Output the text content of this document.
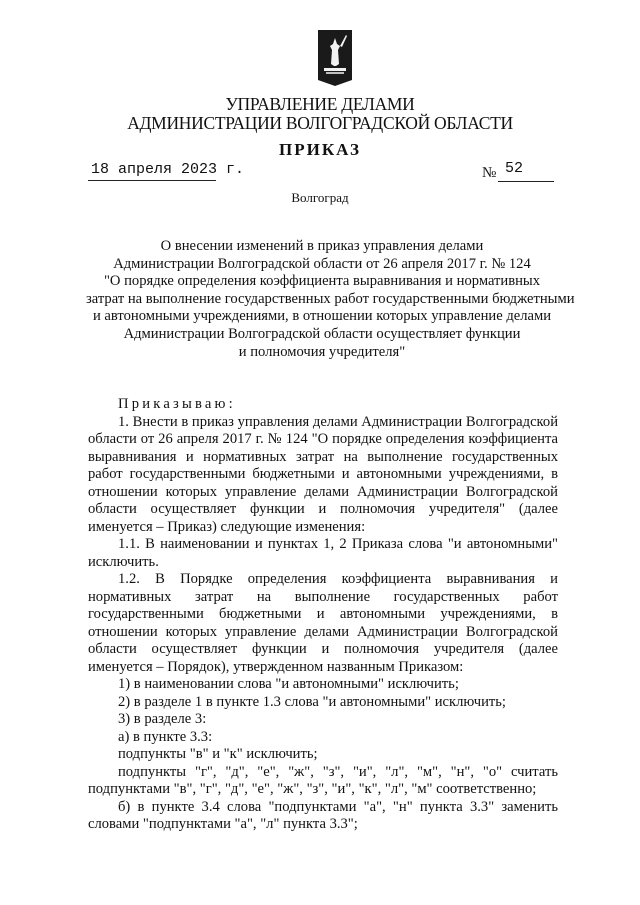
УПРАВЛЕНИЕ ДЕЛАМИ
АДМИНИСТРАЦИИ ВОЛГОГРАДСКОЙ ОБЛАСТИ
ПРИКАЗ
18 апреля 2023 г.	№ 52
Волгоград
О внесении изменений в приказ управления делами
Администрации Волгоградской области от 26 апреля 2017 г. № 124
"О порядке определения коэффициента выравнивания и нормативных
затрат на выполнение государственных работ государственными бюджетными
и автономными учреждениями, в отношении которых управление делами
Администрации Волгоградской области осуществляет функции
и полномочия учредителя"

Приказываю:

1. Внести в приказ управления делами Администрации Волгоградской области от 26 апреля 2017 г. № 124 "О порядке определения коэффициента выравнивания и нормативных затрат на выполнение государственных работ государственными бюджетными и автономными учреждениями, в отношении которых управление делами Администрации Волгоградской области осуществляет функции и полномочия учредителя" (далее именуется – Приказ) следующие изменения:

1.1. В наименовании и пунктах 1, 2 Приказа слова "и автономными" исключить.

1.2. В Порядке определения коэффициента выравнивания и нормативных затрат на выполнение государственных работ государственными бюджетными и автономными учреждениями, в отношении которых управление делами Администрации Волгоградской области осуществляет функции и полномочия учредителя (далее именуется – Порядок), утвержденном названным Приказом:

1) в наименовании слова "и автономными" исключить;

2) в разделе 1 в пункте 1.3 слова "и автономными" исключить;

3) в разделе 3:

а) в пункте 3.3:

подпункты "в" и "к" исключить;

подпункты "г", "д", "е", "ж", "з", "и", "л", "м", "н", "о" считать подпунктами "в", "г", "д", "е", "ж", "з", "и", "к", "л", "м" соответственно;

б) в пункте 3.4 слова "подпунктами "а", "н" пункта 3.3" заменить словами "подпунктами "а", "л" пункта 3.3";
